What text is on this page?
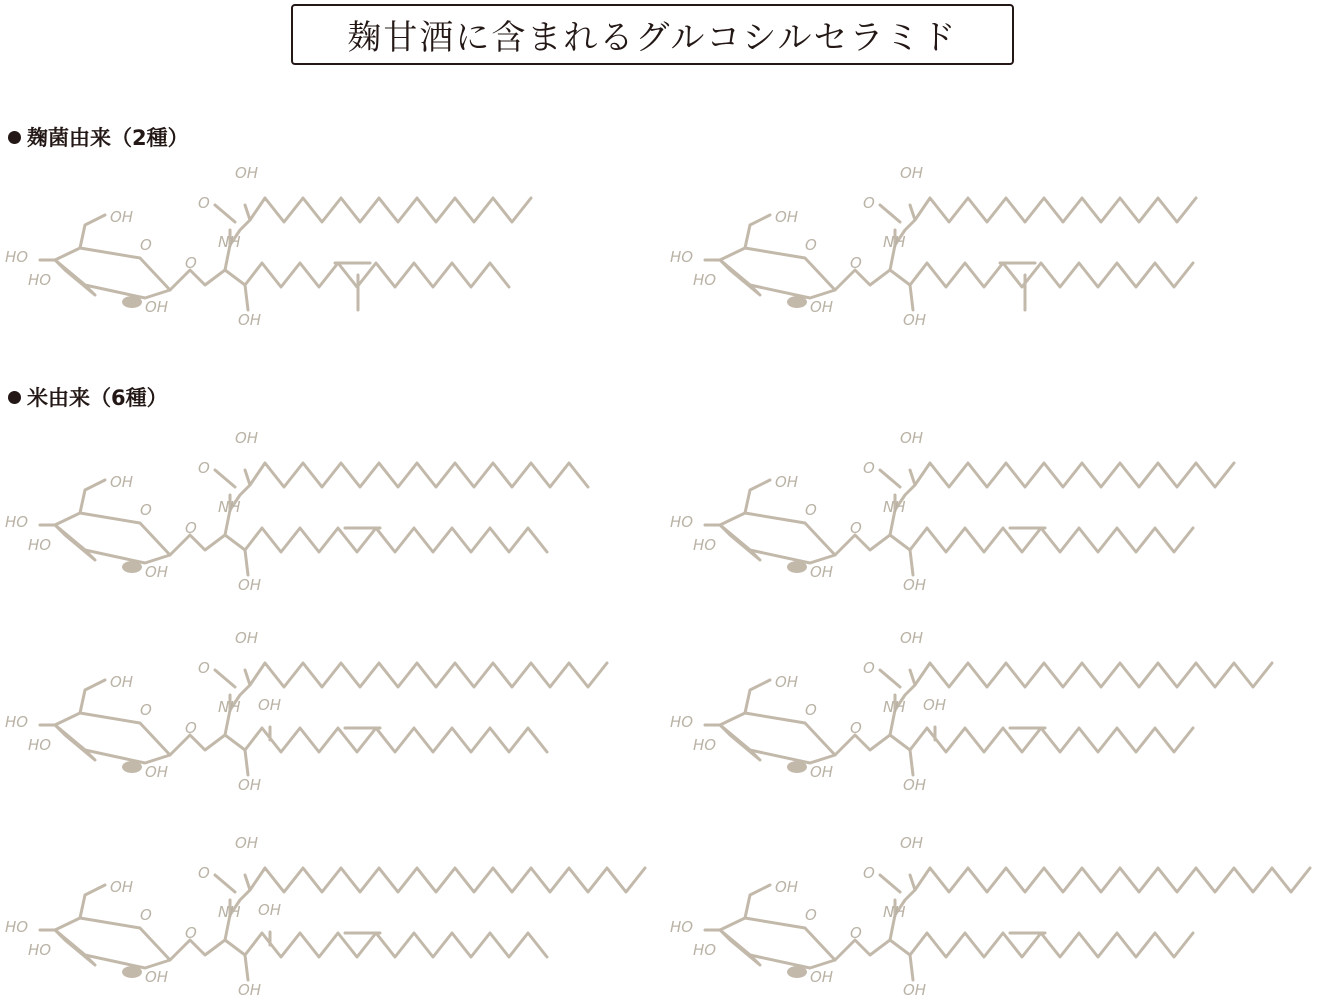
麹甘酒に含まれるグルコシルセラミド
麹菌由来（2種）
米由来（6種）
OH
O
NH
O
OH
OH
HO
HO
OH
O
OH
O
NH
O
OH
OH
HO
HO
OH
O
OH
O
NH
O
OH
OH
HO
HO
OH
O
OH
O
NH
O
OH
OH
HO
HO
OH
O
OH
O
NH
O
OH
OH
HO
HO
OH
O	OH
OH
O
NH
O
OH
OH
HO
HO
OH
O	OH
OH
O
NH
O
OH
OH
HO
HO
OH
O	OH
OH
O
NH
O
OH
OH
HO
HO
OH
O
